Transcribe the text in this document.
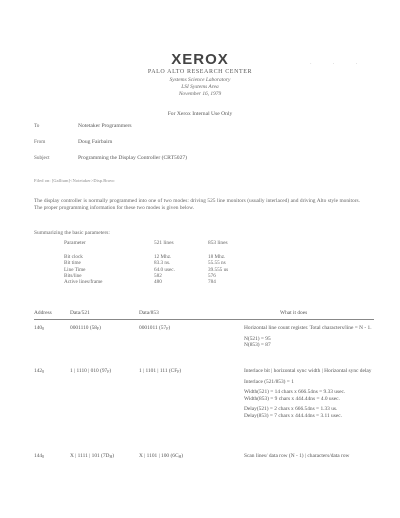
· · ·
XEROX
PALO ALTO RESEARCH CENTER
Systems Science Laboratory
LSI Systems Area
November 16, 1979
For Xerox Internal Use Only
To	Notetaker Programmers
From	Doug Fairbairn
Subject	Programming the Display Controller (CRT5027)
Filed on: [Gallium]<Notetaker>Disp.Bravo
The display controller is normally programmed into one of two modes: driving 525 line monitors (usually interlaced) and driving Alto style monitors. The proper programming information for these two modes is given below.
Summarizing the basic parameters:
Parameter	521 lines	853 lines
Bit clock	12 Mhz.	18 Mhz.
Bit time	83.3 ns.	55.55 ns
Line Time	64.0 usec.	39.555 us
Bits/line	582	576
Active lines/frame	480	784
Address	Data/521	Data/853	What it does
$140_8$	0001110 $(58_F)$	0001011 $(57_F)$	Horizontal line count register. Total characters/line = N - 1.

N(521) = 95

N(853) = 87

$142_8$	1 | 1110 | 010 $(97_F)$	1 | 1101 | 111 $(CF_F)$	Interlace bit | horizontal sync width | Horizontal sync delay

Interlace (521/853) = 1

Width(521) = 14 chars x 666.54ns = 9.33 usec.

Width(853) = 9 chars x 444.44ns = 4.0 usec.

Delay(521) = 2 chars x 666.54ns = 1.33 us.

Delay(853) = 7 chars x 444.44ns = 3.11 usec.

$144_8$	X | 1111 | 101 $(7D_H)$	X | 1101 | 100 $(6C_H)$	Scan lines/ data row (N - 1) | characters/data row
